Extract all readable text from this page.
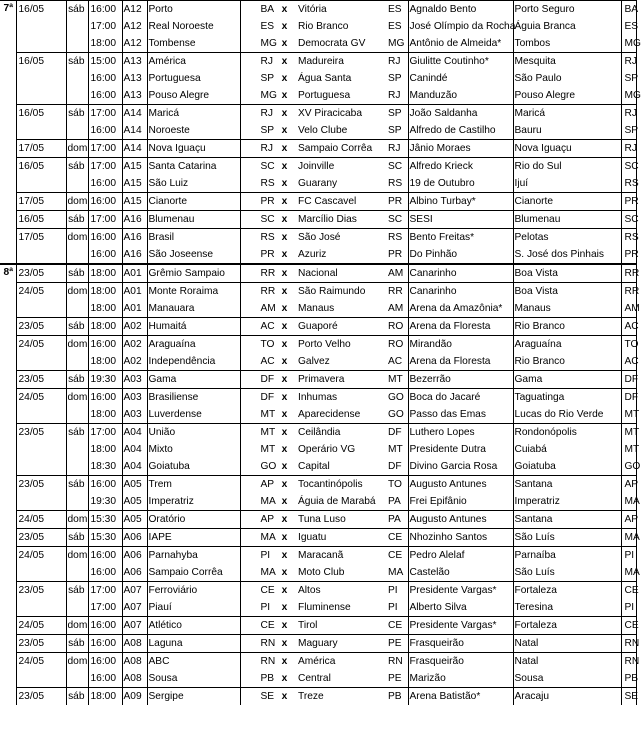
7ª	16/05	sáb	16:00	A12	Porto	BA	x	Vitória	ES	Agnaldo Bento	Porto Seguro	BA
			17:00	A12	Real Noroeste	ES	x	Rio Branco	ES	José Olímpio da Rocha	Águia Branca	ES
			18:00	A12	Tombense	MG	x	Democrata GV	MG	Antônio de Almeida*	Tombos	MG
	16/05	sáb	15:00	A13	América	RJ	x	Madureira	RJ	Giulitte Coutinho*	Mesquita	RJ
			16:00	A13	Portuguesa	SP	x	Água Santa	SP	Canindé	São Paulo	SP
			16:00	A13	Pouso Alegre	MG	x	Portuguesa	RJ	Manduzão	Pouso Alegre	MG
	16/05	sáb	17:00	A14	Maricá	RJ	x	XV Piracicaba	SP	João Saldanha	Maricá	RJ
			16:00	A14	Noroeste	SP	x	Velo Clube	SP	Alfredo de Castilho	Bauru	SP
	17/05	dom	17:00	A14	Nova Iguaçu	RJ	x	Sampaio Corrêa	RJ	Jânio Moraes	Nova Iguaçu	RJ
	16/05	sáb	17:00	A15	Santa Catarina	SC	x	Joinville	SC	Alfredo Krieck	Rio do Sul	SC
			16:00	A15	São Luiz	RS	x	Guarany	RS	19 de Outubro	Ijuí	RS
	17/05	dom	16:00	A15	Cianorte	PR	x	FC Cascavel	PR	Albino Turbay*	Cianorte	PR
	16/05	sáb	17:00	A16	Blumenau	SC	x	Marcílio Dias	SC	SESI	Blumenau	SC
	17/05	dom	16:00	A16	Brasil	RS	x	São José	RS	Bento Freitas*	Pelotas	RS
			16:00	A16	São Joseense	PR	x	Azuriz	PR	Do Pinhão	S. José dos Pinhais	PR
8ª	23/05	sáb	18:00	A01	Grêmio Sampaio	RR	x	Nacional	AM	Canarinho	Boa Vista	RR
	24/05	dom	18:00	A01	Monte Roraima	RR	x	São Raimundo	RR	Canarinho	Boa Vista	RR
			18:00	A01	Manauara	AM	x	Manaus	AM	Arena da Amazônia*	Manaus	AM
	23/05	sáb	18:00	A02	Humaitá	AC	x	Guaporé	RO	Arena da Floresta	Rio Branco	AC
	24/05	dom	16:00	A02	Araguaína	TO	x	Porto Velho	RO	Mirandão	Araguaína	TO
			18:00	A02	Independência	AC	x	Galvez	AC	Arena da Floresta	Rio Branco	AC
	23/05	sáb	19:30	A03	Gama	DF	x	Primavera	MT	Bezerrão	Gama	DF
	24/05	dom	16:00	A03	Brasiliense	DF	x	Inhumas	GO	Boca do Jacaré	Taguatinga	DF
			18:00	A03	Luverdense	MT	x	Aparecidense	GO	Passo das Emas	Lucas do Rio Verde	MT
	23/05	sáb	17:00	A04	União	MT	x	Ceilândia	DF	Luthero Lopes	Rondonópolis	MT
			18:00	A04	Mixto	MT	x	Operário VG	MT	Presidente Dutra	Cuiabá	MT
			18:30	A04	Goiatuba	GO	x	Capital	DF	Divino Garcia Rosa	Goiatuba	GO
	23/05	sáb	16:00	A05	Trem	AP	x	Tocantinópolis	TO	Augusto Antunes	Santana	AP
			19:30	A05	Imperatriz	MA	x	Águia de Marabá	PA	Frei Epifânio	Imperatriz	MA
	24/05	dom	15:30	A05	Oratório	AP	x	Tuna Luso	PA	Augusto Antunes	Santana	AP
	23/05	sáb	15:30	A06	IAPE	MA	x	Iguatu	CE	Nhozinho Santos	São Luís	MA
	24/05	dom	16:00	A06	Parnahyba	PI	x	Maracanã	CE	Pedro Alelaf	Parnaíba	PI
			16:00	A06	Sampaio Corrêa	MA	x	Moto Club	MA	Castelão	São Luís	MA
	23/05	sáb	17:00	A07	Ferroviário	CE	x	Altos	PI	Presidente Vargas*	Fortaleza	CE
			17:00	A07	Piauí	PI	x	Fluminense	PI	Alberto Silva	Teresina	PI
	24/05	dom	16:00	A07	Atlético	CE	x	Tirol	CE	Presidente Vargas*	Fortaleza	CE
	23/05	sáb	16:00	A08	Laguna	RN	x	Maguary	PE	Frasqueirão	Natal	RN
	24/05	dom	16:00	A08	ABC	RN	x	América	RN	Frasqueirão	Natal	RN
			16:00	A08	Sousa	PB	x	Central	PE	Marizão	Sousa	PB
	23/05	sáb	18:00	A09	Sergipe	SE	x	Treze	PB	Arena Batistão*	Aracaju	SE
